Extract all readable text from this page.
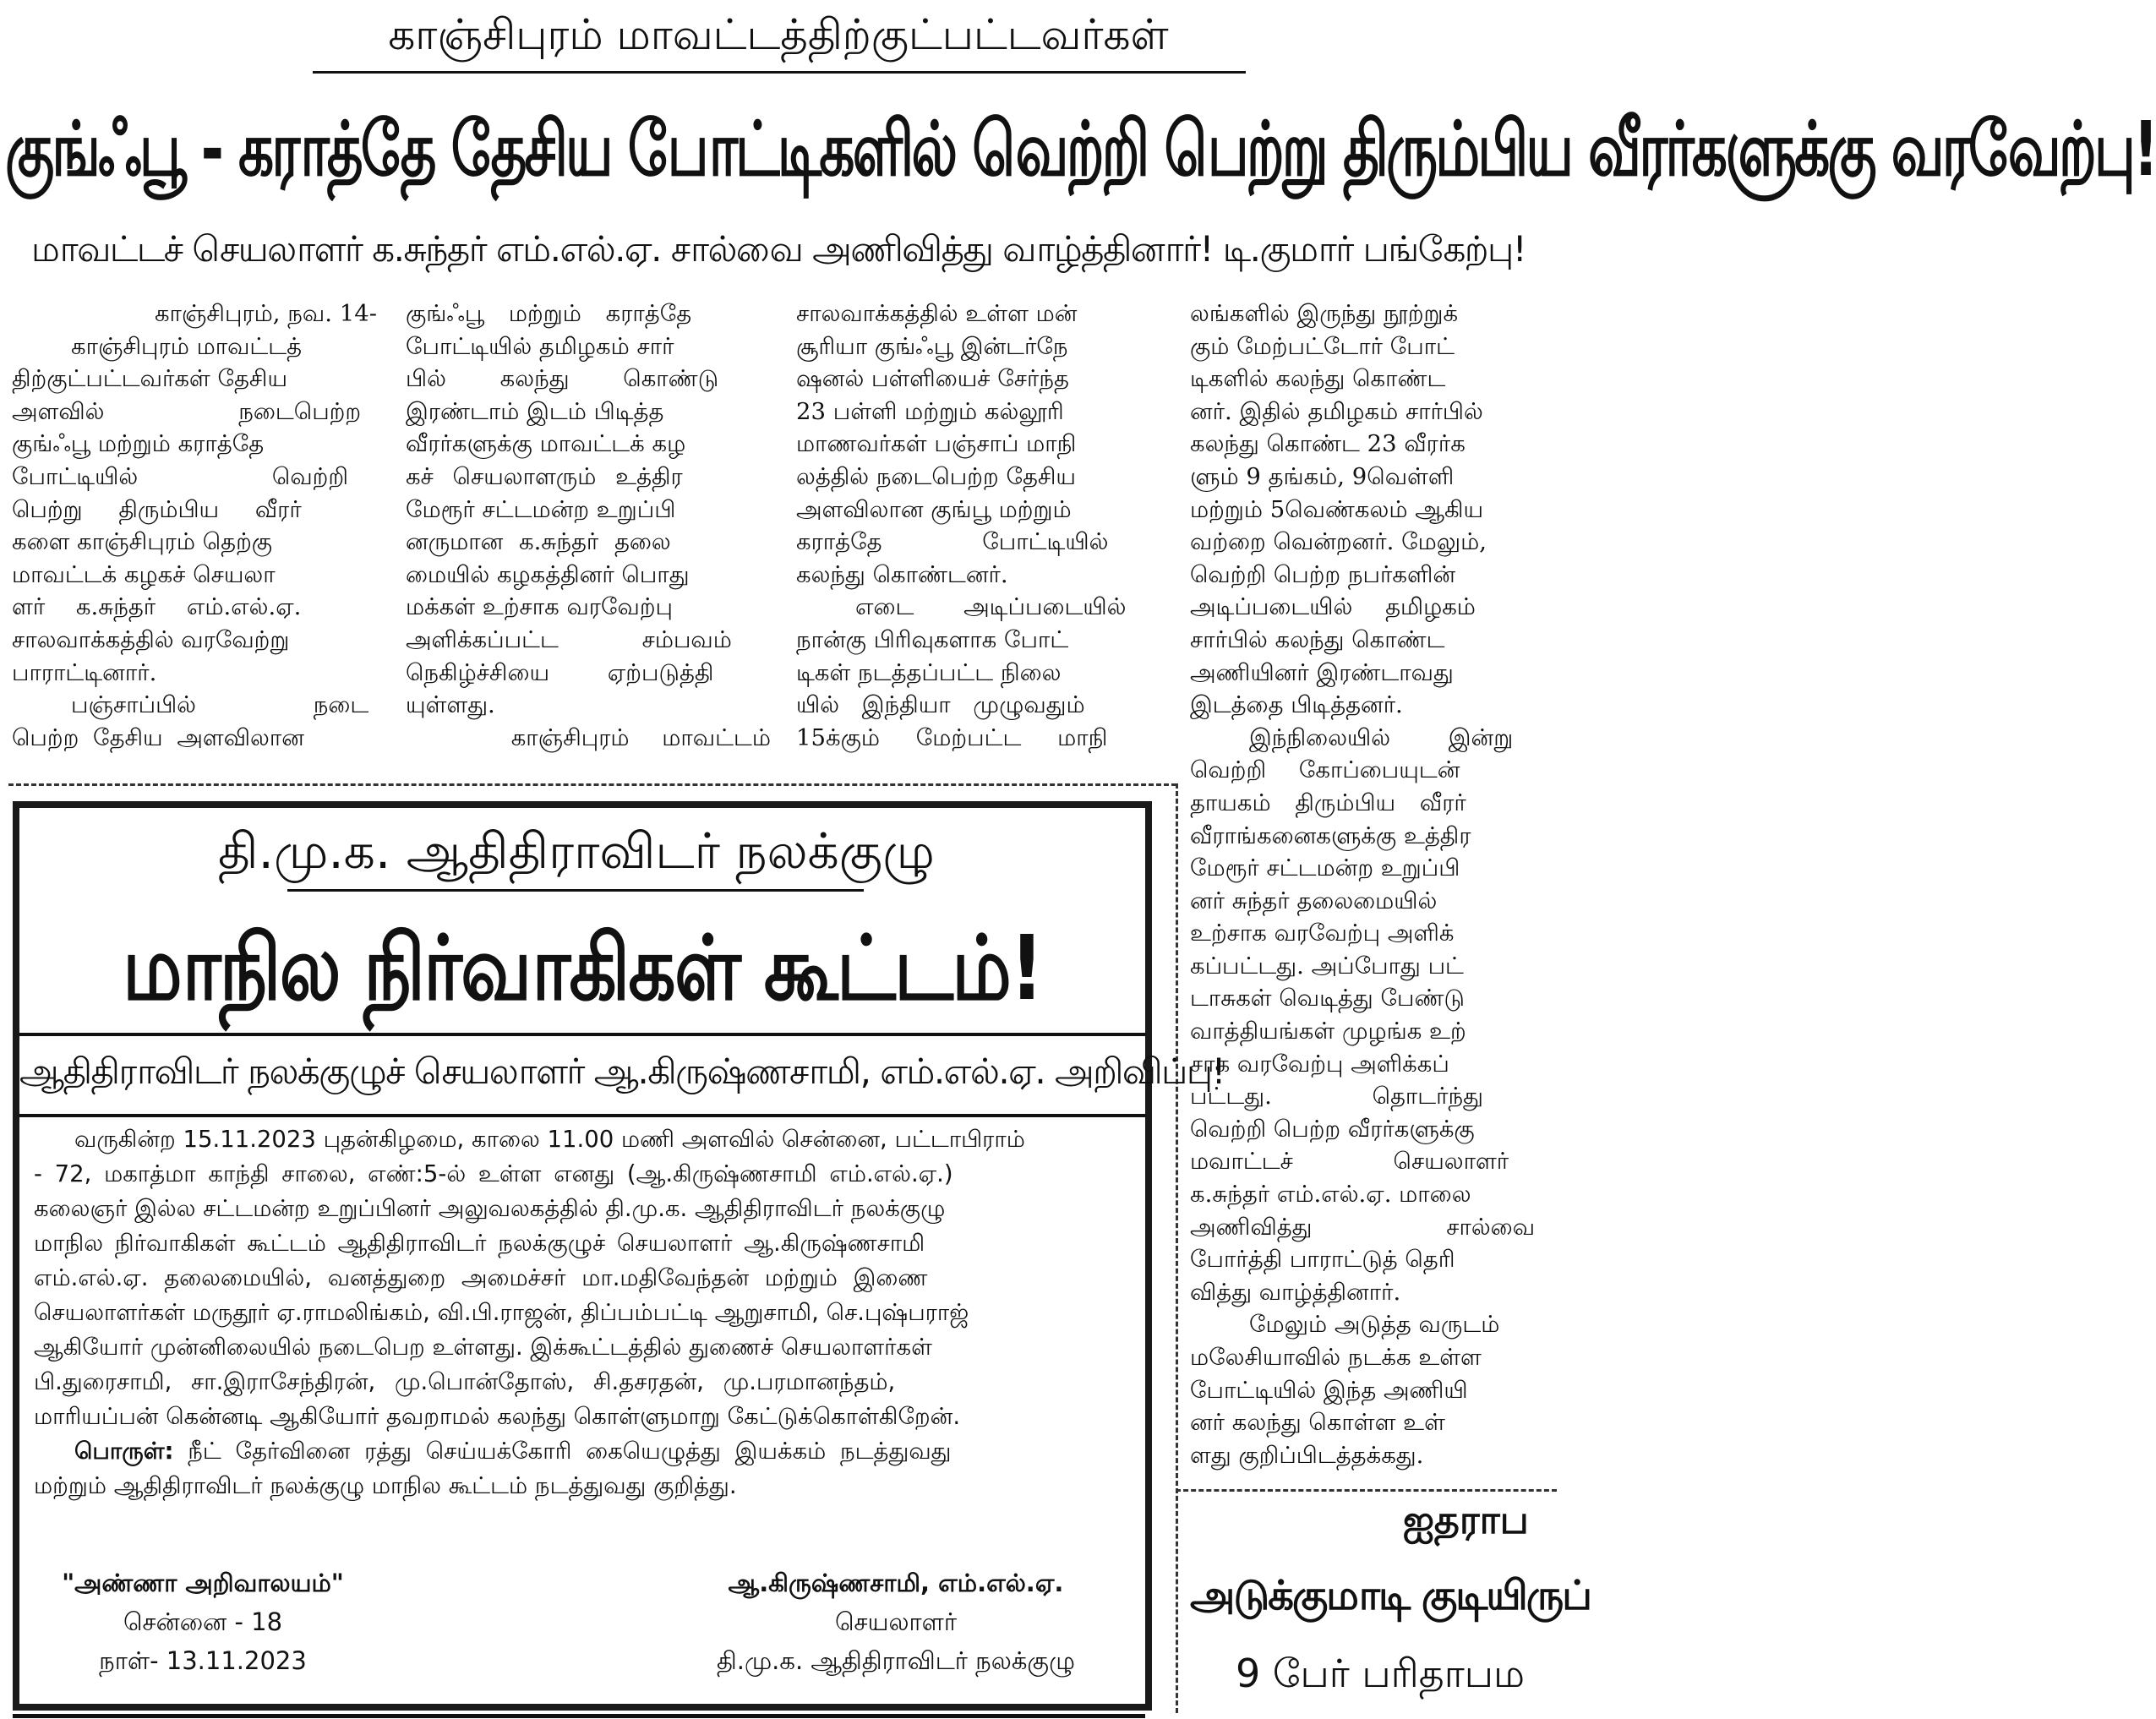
காஞ்சிபுரம் மாவட்டத்திற்குட்பட்டவர்கள்
குங்ஃபூ - கராத்தே தேசிய போட்டிகளில் வெற்றி பெற்று திரும்பிய வீரர்களுக்கு வரவேற்பு!
மாவட்டச் செயலாளர் க.சுந்தர் எம்.எல்.ஏ. சால்வை அணிவித்து வாழ்த்தினார்! டி.குமார் பங்கேற்பு!

காஞ்சிபுரம், நவ. 14-

காஞ்சிபுரம் மாவட்டத்

திற்குட்பட்டவர்கள் தேசிய

அளவில் நடைபெற்ற

குங்ஃபூ மற்றும் கராத்தே

போட்டியில் வெற்றி

பெற்று திரும்பிய வீரர்

களை காஞ்சிபுரம் தெற்கு

மாவட்டக் கழகச் செயலா

ளர் க.சுந்தர் எம்.எல்.ஏ.

சாலவாக்கத்தில் வரவேற்று

பாராட்டினார்.

பஞ்சாப்பில் நடை

பெற்ற தேசிய அளவிலான

குங்ஃபூ மற்றும் கராத்தே

போட்டியில் தமிழகம் சார்

பில் கலந்து கொண்டு

இரண்டாம் இடம் பிடித்த

வீரர்களுக்கு மாவட்டக் கழ

கச் செயலாளரும் உத்திர

மேரூர் சட்டமன்ற உறுப்பி

னருமான க.சுந்தர் தலை

மையில் கழகத்தினர் பொது

மக்கள் உற்சாக வரவேற்பு

அளிக்கப்பட்ட சம்பவம்

நெகிழ்ச்சியை ஏற்படுத்தி

யுள்ளது.

காஞ்சிபுரம் மாவட்டம்

சாலவாக்கத்தில் உள்ள மன்

சூரியா குங்ஃபூ இன்டர்நே

ஷனல் பள்ளியைச் சேர்ந்த

23 பள்ளி மற்றும் கல்லூரி

மாணவர்கள் பஞ்சாப் மாநி

லத்தில் நடைபெற்ற தேசிய

அளவிலான குங்பூ மற்றும்

கராத்தே போட்டியில்

கலந்து கொண்டனர்.

எடை அடிப்படையில்

நான்கு பிரிவுகளாக போட்

டிகள் நடத்தப்பட்ட நிலை

யில் இந்தியா முழுவதும்

15க்கும் மேற்பட்ட மாநி

லங்களில் இருந்து நூற்றுக்

கும் மேற்பட்டோர் போட்

டிகளில் கலந்து கொண்ட

னர். இதில் தமிழகம் சார்பில்

கலந்து கொண்ட 23 வீரர்க

ளும் 9 தங்கம், 9வெள்ளி

மற்றும் 5வெண்கலம் ஆகிய

வற்றை வென்றனர். மேலும்,

வெற்றி பெற்ற நபர்களின்

அடிப்படையில் தமிழகம்

சார்பில் கலந்து கொண்ட

அணியினர் இரண்டாவது

இடத்தை பிடித்தனர்.

இந்நிலையில் இன்று

வெற்றி கோப்பையுடன்

தாயகம் திரும்பிய வீரர்

வீராங்கனைகளுக்கு உத்திர

மேரூர் சட்டமன்ற உறுப்பி

னர் சுந்தர் தலைமையில்

உற்சாக வரவேற்பு அளிக்

கப்பட்டது. அப்போது பட்

டாசுகள் வெடித்து பேண்டு

வாத்தியங்கள் முழங்க உற்

சாக வரவேற்பு அளிக்கப்

பட்டது. தொடர்ந்து

வெற்றி பெற்ற வீரர்களுக்கு

மவாட்டச் செயலாளர்

க.சுந்தர் எம்.எல்.ஏ. மாலை

அணிவித்து சால்வை

போர்த்தி பாராட்டுத் தெரி

வித்து வாழ்த்தினார்.

மேலும் அடுத்த வருடம்

மலேசியாவில் நடக்க உள்ள

போட்டியில் இந்த அணியி

னர் கலந்து கொள்ள உள்

ளது குறிப்பிடத்தக்கது.

தி.மு.க. ஆதிதிராவிடர் நலக்குழு
மாநில நிர்வாகிகள் கூட்டம்!
ஆதிதிராவிடர் நலக்குழுச் செயலாளர் ஆ.கிருஷ்ணசாமி, எம்.எல்.ஏ. அறிவிப்பு!

வருகின்ற 15.11.2023 புதன்கிழமை, காலை 11.00 மணி அளவில் சென்னை, பட்டாபிராம்

- 72, மகாத்மா காந்தி சாலை, எண்:5-ல் உள்ள எனது (ஆ.கிருஷ்ணசாமி எம்.எல்.ஏ.)

கலைஞர் இல்ல சட்டமன்ற உறுப்பினர் அலுவலகத்தில் தி.மு.க. ஆதிதிராவிடர் நலக்குழு

மாநில நிர்வாகிகள் கூட்டம் ஆதிதிராவிடர் நலக்குழுச் செயலாளர் ஆ.கிருஷ்ணசாமி

எம்.எல்.ஏ. தலைமையில், வனத்துறை அமைச்சர் மா.மதிவேந்தன் மற்றும் இணை

செயலாளர்கள் மருதூர் ஏ.ராமலிங்கம், வி.பி.ராஜன், திப்பம்பட்டி ஆறுசாமி, செ.புஷ்பராஜ்

ஆகியோர் முன்னிலையில் நடைபெற உள்ளது. இக்கூட்டத்தில் துணைச் செயலாளர்கள்

பி.துரைசாமி, சா.இராசேந்திரன், மு.பொன்தோஸ், சி.தசரதன், மு.பரமானந்தம்,

மாரியப்பன் கென்னடி ஆகியோர் தவறாமல் கலந்து கொள்ளுமாறு கேட்டுக்கொள்கிறேன்.

பொருள்: நீட் தேர்வினை ரத்து செய்யக்கோரி கையெழுத்து இயக்கம் நடத்துவது

மற்றும் ஆதிதிராவிடர் நலக்குழு மாநில கூட்டம் நடத்துவது குறித்து.

"அண்ணா அறிவாலயம்"
சென்னை - 18
நாள்- 13.11.2023
ஆ.கிருஷ்ணசாமி, எம்.எல்.ஏ.
செயலாளர்
தி.மு.க. ஆதிதிராவிடர் நலக்குழு
ஐதராப
அடுக்குமாடி குடியிருப்
9 பேர் பரிதாபம
